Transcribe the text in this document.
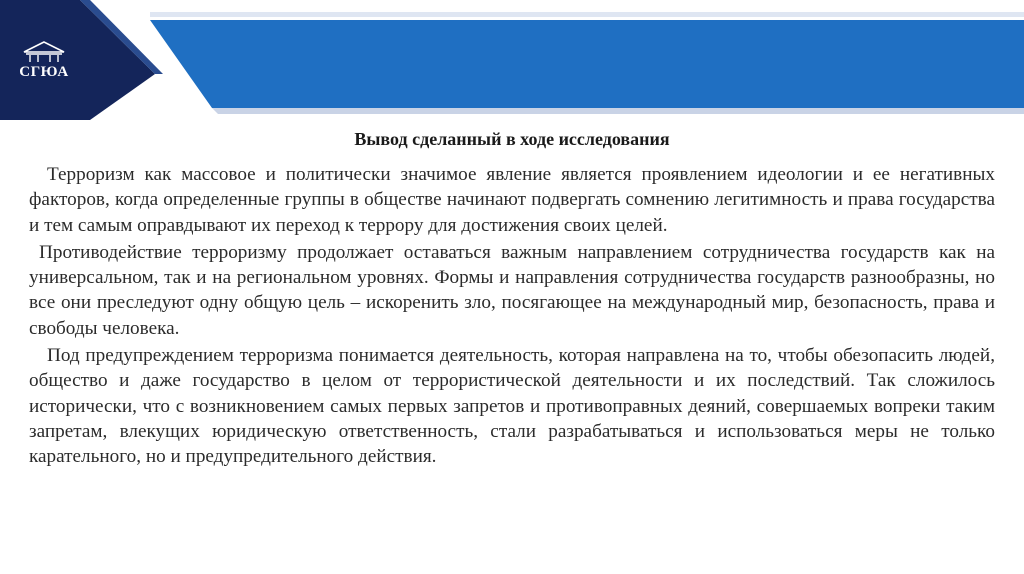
СГЮА
Вывод сделанный в ходе исследования

Терроризм как массовое и политически значимое явление является проявлением идеологии и ее негативных факторов, когда определенные группы в обществе начинают подвергать сомнению легитимность и права государства и тем самым оправдывают их переход к террору для достижения своих целей.

Противодействие терроризму продолжает оставаться важным направлением сотрудничества государств как на универсальном, так и на региональном уровнях. Формы и направления сотрудничества государств разнообразны, но все они преследуют одну общую цель – искоренить зло, посягающее на международный мир, безопасность, права и свободы человека.

Под предупреждением терроризма понимается деятельность, которая направлена на то, чтобы обезопасить людей, общество и даже государство в целом от террористической деятельности и их последствий. Так сложилось исторически, что с возникновением самых первых запретов и противоправных деяний, совершаемых вопреки таким запретам, влекущих юридическую ответственность, стали разрабатываться и использоваться меры не только карательного, но и предупредительного действия.
